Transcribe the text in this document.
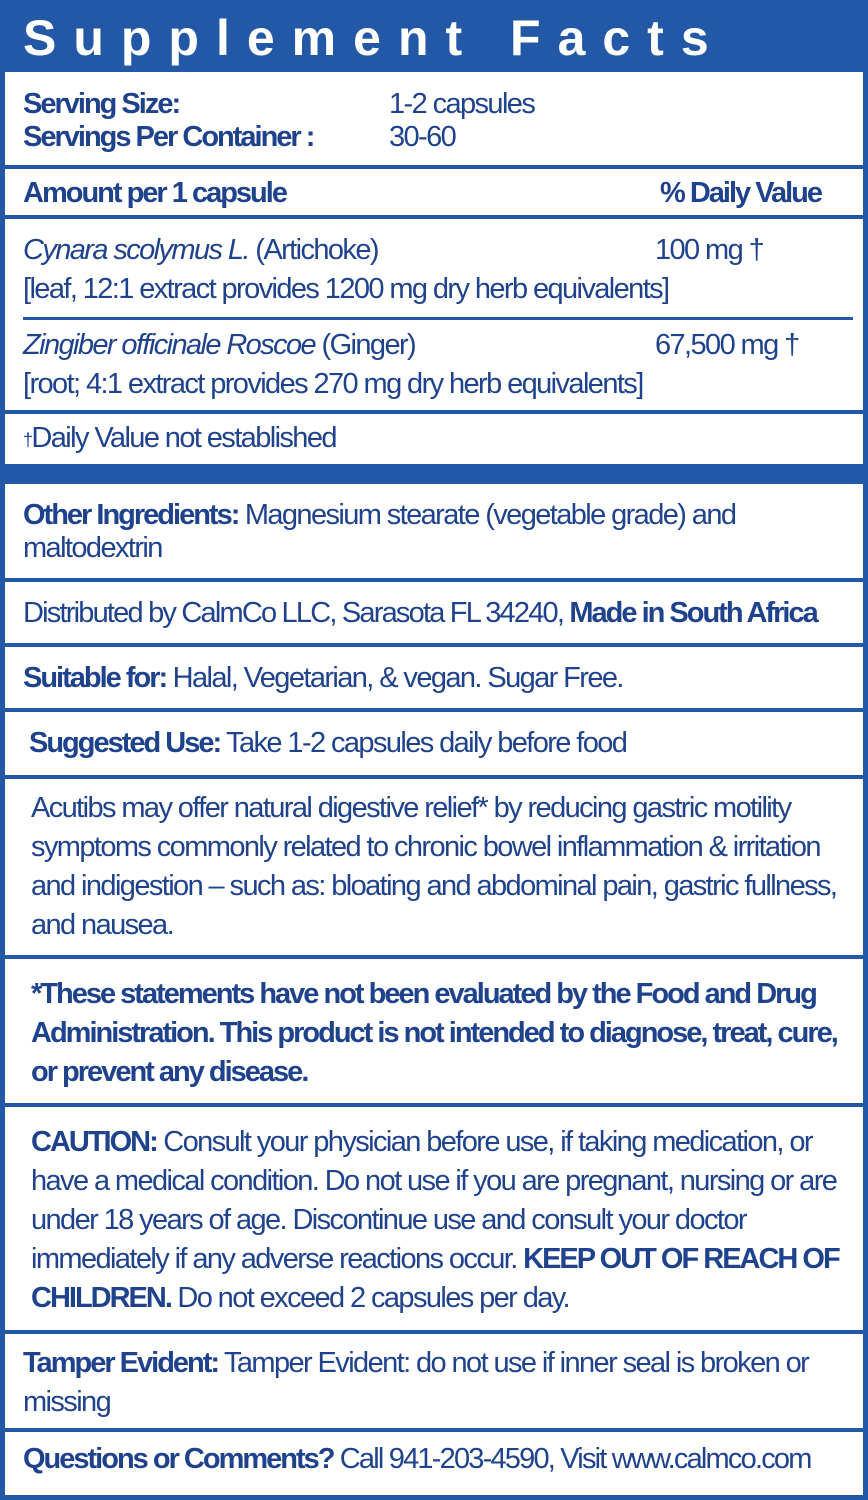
Supplement Facts
Serving Size:	1-2 capsules
Servings Per Container :	30-60
Amount per 1 capsule	% Daily Value
Cynara scolymus L. (Artichoke)	100 mg †
[leaf, 12:1 extract provides 1200 mg dry herb equivalents]
Zingiber officinale Roscoe (Ginger)	67,500 mg †
[root; 4:1 extract provides 270 mg dry herb equivalents]
†Daily Value not established
Other Ingredients: Magnesium stearate (vegetable grade) and maltodextrin
Distributed by CalmCo LLC, Sarasota FL 34240, Made in South Africa
Suitable for: Halal, Vegetarian, & vegan. Sugar Free.
Suggested Use: Take 1-2 capsules daily before food
Acutibs may offer natural digestive relief* by reducing gastric motility symptoms commonly related to chronic bowel inflammation & irritation and indigestion – such as: bloating and abdominal pain, gastric fullness, and nausea.
*These statements have not been evaluated by the Food and Drug Administration. This product is not intended to diagnose, treat, cure, or prevent any disease.
CAUTION: Consult your physician before use, if taking medication, or have a medical condition. Do not use if you are pregnant, nursing or are under 18 years of age. Discontinue use and consult your doctor immediately if any adverse reactions occur. KEEP OUT OF REACH OF CHILDREN. Do not exceed 2 capsules per day.
Tamper Evident: Tamper Evident: do not use if inner seal is broken or missing
Questions or Comments? Call 941-203-4590, Visit www.calmco.com
